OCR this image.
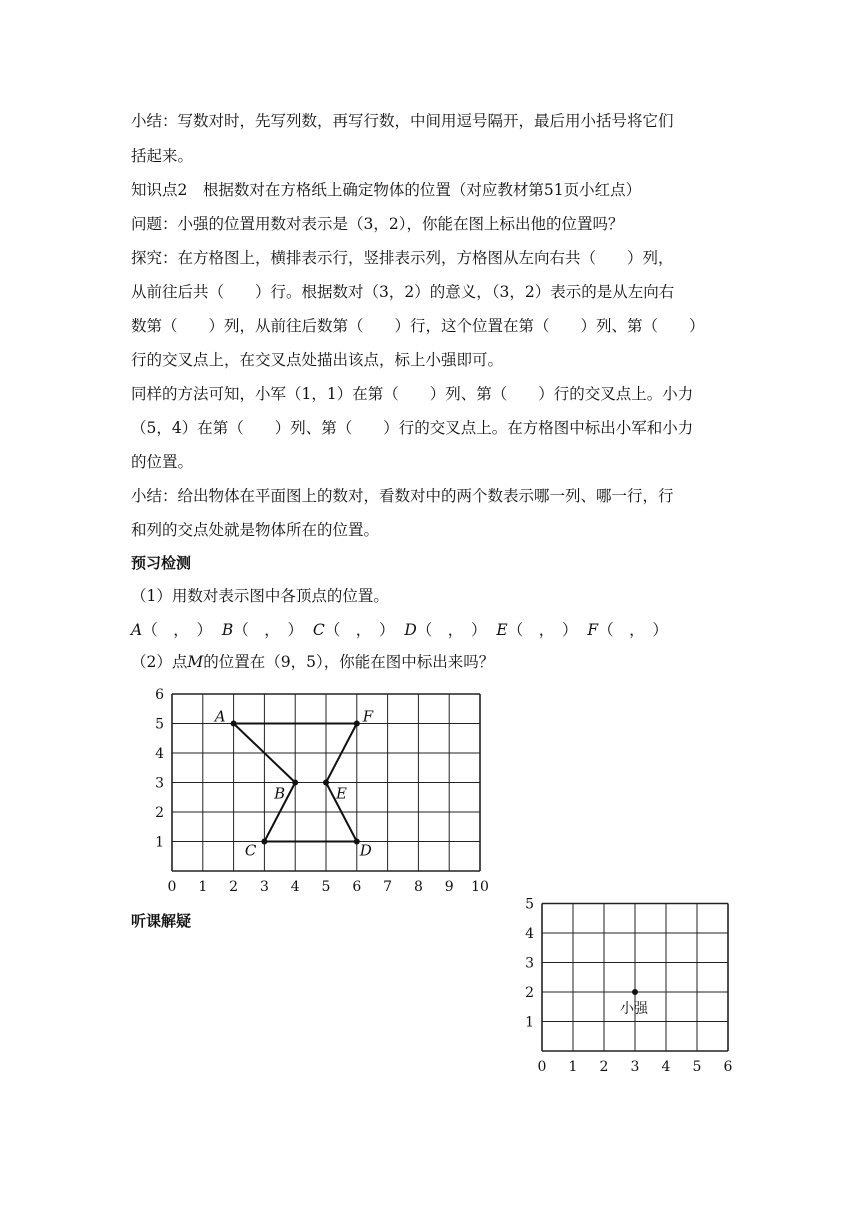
小结：写数对时，先写列数，再写行数，中间用逗号隔开，最后用小括号将它们
括起来。
知识点2　根据数对在方格纸上确定物体的位置（对应教材第51页小红点）
问题：小强的位置用数对表示是（3，2），你能在图上标出他的位置吗？
探究：在方格图上，横排表示行，竖排表示列，方格图从左向右共（　　）列，
从前往后共（　　）行。根据数对（3，2）的意义，（3，2）表示的是从左向右
数第（　　）列，从前往后数第（　　）行，这个位置在第（　　）列、第（　　）
行的交叉点上，在交叉点处描出该点，标上小强即可。
同样的方法可知，小军（1，1）在第（　　）列、第（　　）行的交叉点上。小力
（5，4）在第（　　）列、第（　　）行的交叉点上。在方格图中标出小军和小力
的位置。
小结：给出物体在平面图上的数对，看数对中的两个数表示哪一列、哪一行，行
和列的交点处就是物体所在的位置。
预习检测
（1）用数对表示图中各顶点的位置。
A（　，　） B（　，　） C（　，　） D（　，　） E（　，　） F（　，　）
（2）点M的位置在（9，5），你能在图中标出来吗？
听课解疑
0 1 2 3 4 5 6 7 8 9 10
1
2
3
4
5
6
A	F
B	E
C	D
0 1 2 3 4 5 6
1
2
3
4
5
小强
